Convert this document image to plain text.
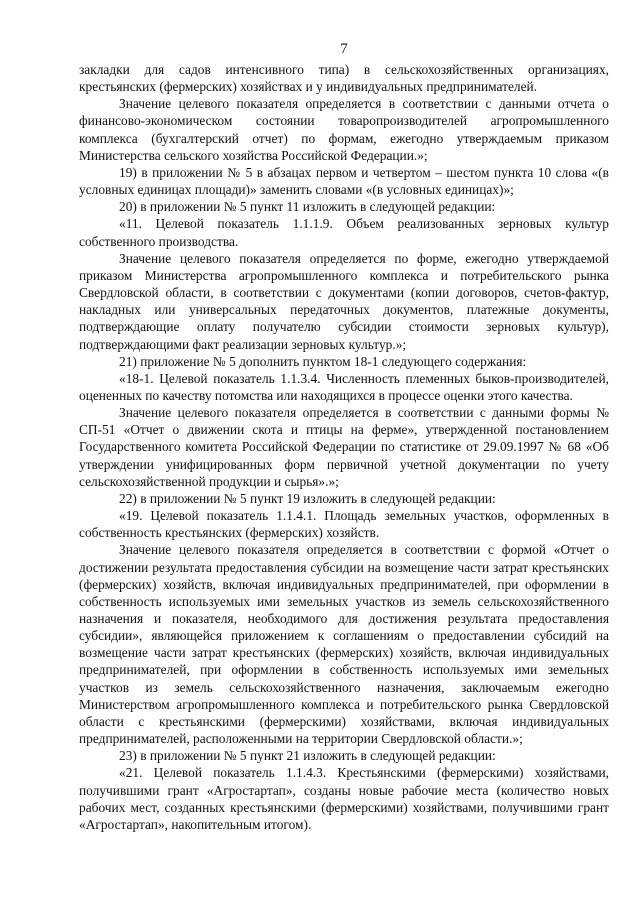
7

закладки для садов интенсивного типа) в сельскохозяйственных организациях, крестьянских (фермерских) хозяйствах и у индивидуальных предпринимателей.

Значение целевого показателя определяется в соответствии с данными отчета о финансово-экономическом состоянии товаропроизводителей агропромышленного комплекса (бухгалтерский отчет) по формам, ежегодно утверждаемым приказом Министерства сельского хозяйства Российской Федерации.»;

19) в приложении № 5 в абзацах первом и четвертом – шестом пункта 10 слова «(в условных единицах площади)» заменить словами «(в условных единицах)»;

20) в приложении № 5 пункт 11 изложить в следующей редакции:

«11. Целевой показатель 1.1.1.9. Объем реализованных зерновых культур собственного производства.

Значение целевого показателя определяется по форме, ежегодно утверждаемой приказом Министерства агропромышленного комплекса и потребительского рынка Свердловской области, в соответствии с документами (копии договоров, счетов-фактур, накладных или универсальных передаточных документов, платежные документы, подтверждающие оплату получателю субсидии стоимости зерновых культур), подтверждающими факт реализации зерновых культур.»;

21) приложение № 5 дополнить пунктом 18-1 следующего содержания:

«18-1. Целевой показатель 1.1.3.4. Численность племенных быков-производителей, оцененных по качеству потомства или находящихся в процессе оценки этого качества.

Значение целевого показателя определяется в соответствии с данными формы № СП-51 «Отчет о движении скота и птицы на ферме», утвержденной постановлением Государственного комитета Российской Федерации по статистике от 29.09.1997 № 68 «Об утверждении унифицированных форм первичной учетной документации по учету сельскохозяйственной продукции и сырья».»;

22) в приложении № 5 пункт 19 изложить в следующей редакции:

«19. Целевой показатель 1.1.4.1. Площадь земельных участков, оформленных в собственность крестьянских (фермерских) хозяйств.

Значение целевого показателя определяется в соответствии с формой «Отчет о достижении результата предоставления субсидии на возмещение части затрат крестьянских (фермерских) хозяйств, включая индивидуальных предпринимателей, при оформлении в собственность используемых ими земельных участков из земель сельскохозяйственного назначения и показателя, необходимого для достижения результата предоставления субсидии», являющейся приложением к соглашениям о предоставлении субсидий на возмещение части затрат крестьянских (фермерских) хозяйств, включая индивидуальных предпринимателей, при оформлении в собственность используемых ими земельных участков из земель сельскохозяйственного назначения, заключаемым ежегодно Министерством агропромышленного комплекса и потребительского рынка Свердловской области с крестьянскими (фермерскими) хозяйствами, включая индивидуальных предпринимателей, расположенными на территории Свердловской области.»;

23) в приложении № 5 пункт 21 изложить в следующей редакции:

«21. Целевой показатель 1.1.4.3. Крестьянскими (фермерскими) хозяйствами, получившими грант «Агростартап», созданы новые рабочие места (количество новых рабочих мест, созданных крестьянскими (фермерскими) хозяйствами, получившими грант «Агростартап», накопительным итогом).
